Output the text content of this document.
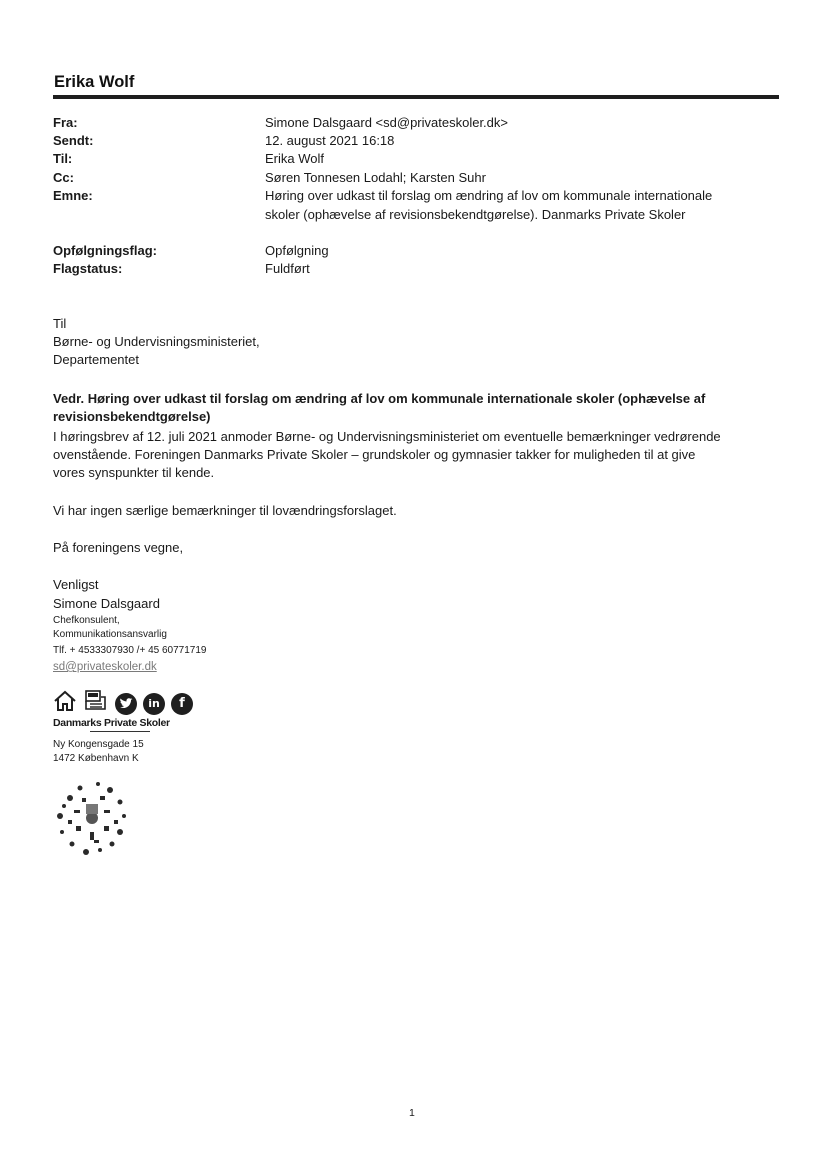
Erika Wolf
Fra:	Simone Dalsgaard <sd@privateskoler.dk>
Sendt:	12. august 2021 16:18
Til:	Erika Wolf
Cc:	Søren Tonnesen Lodahl; Karsten Suhr
Emne:	Høring over udkast til forslag om ændring af lov om kommunale internationale
skoler (ophævelse af revisionsbekendtgørelse). Danmarks Private Skoler
Opfølgningsflag:	Opfølgning
Flagstatus:	Fuldført
Til
Børne- og Undervisningsministeriet,
Departementet
Vedr. Høring over udkast til forslag om ændring af lov om kommunale internationale skoler (ophævelse af
revisionsbekendtgørelse)
I høringsbrev af 12. juli 2021 anmoder Børne- og Undervisningsministeriet om eventuelle bemærkninger vedrørende
ovenstående. Foreningen Danmarks Private Skoler – grundskoler og gymnasier takker for muligheden til at give
vores synspunkter til kende.
Vi har ingen særlige bemærkninger til lovændringsforslaget.
På foreningens vegne,
Venligst
Simone Dalsgaard
Chefkonsulent,
Kommunikationsansvarlig
Tlf. + 4533307930 /+ 45 60771719
sd@privateskoler.dk
in	f
Danmarks Private Skoler
Ny Kongensgade 15
1472 København K
1
